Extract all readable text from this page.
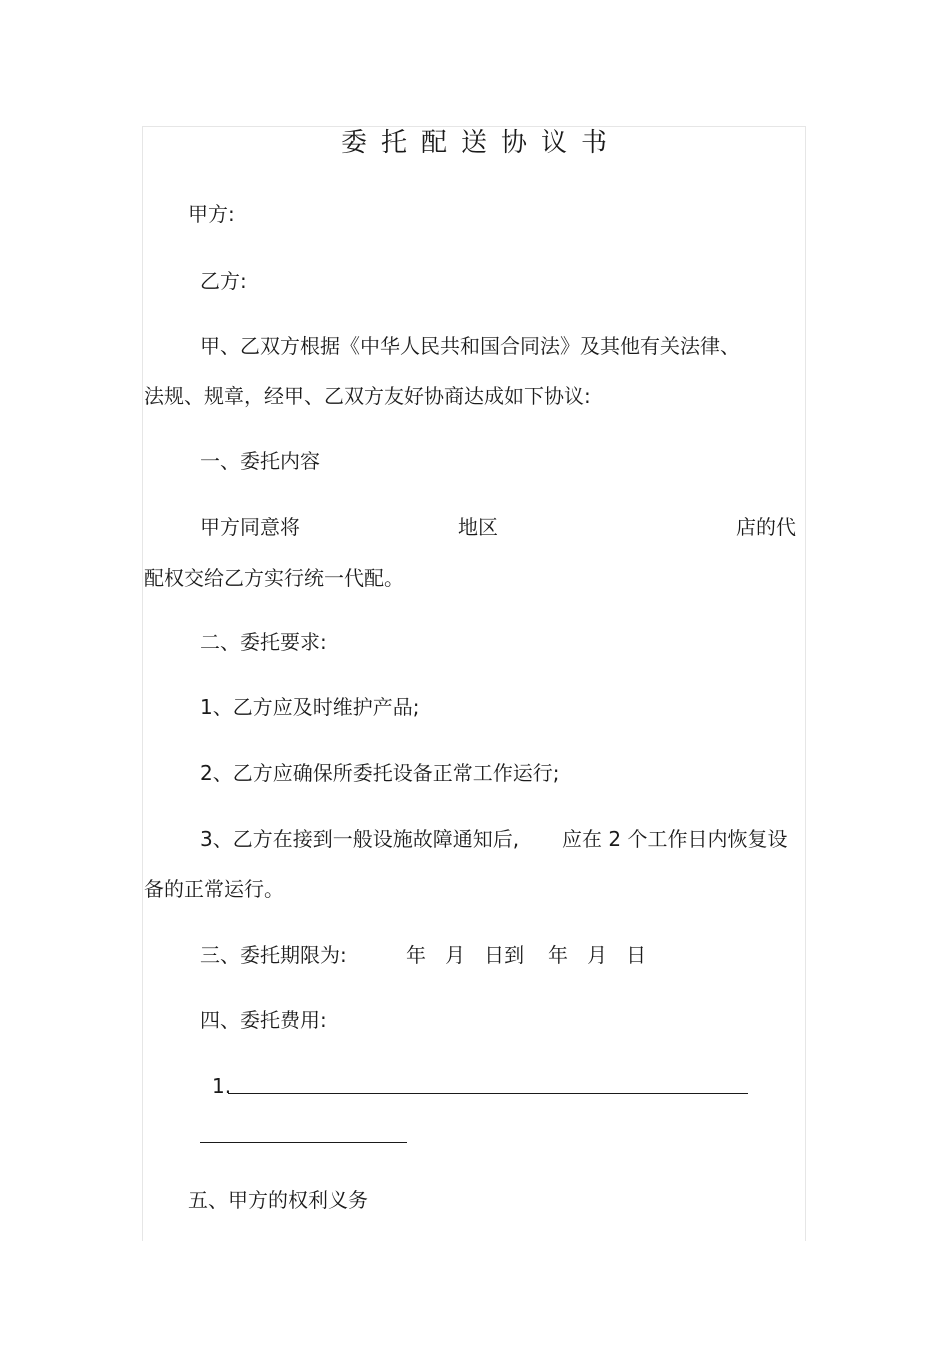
委托配送协议书
甲方:
乙方:
甲、乙双方根据《中华人民共和国合同法》及其他有关法律、
法规、规章，经甲、乙双方友好协商达成如下协议:
一、委托内容
甲方同意将	地区	店的代
配权交给乙方实行统一代配。
二、委托要求:
1、乙方应及时维护产品;
2、乙方应确保所委托设备正常工作运行;
3、乙方在接到一般设施故障通知后, 应在 2 个工作日内恢复设
备的正常运行。
三、委托期限为:	年   月   日到 年   月   日
四、委托费用:
1.
五、甲方的权利义务
